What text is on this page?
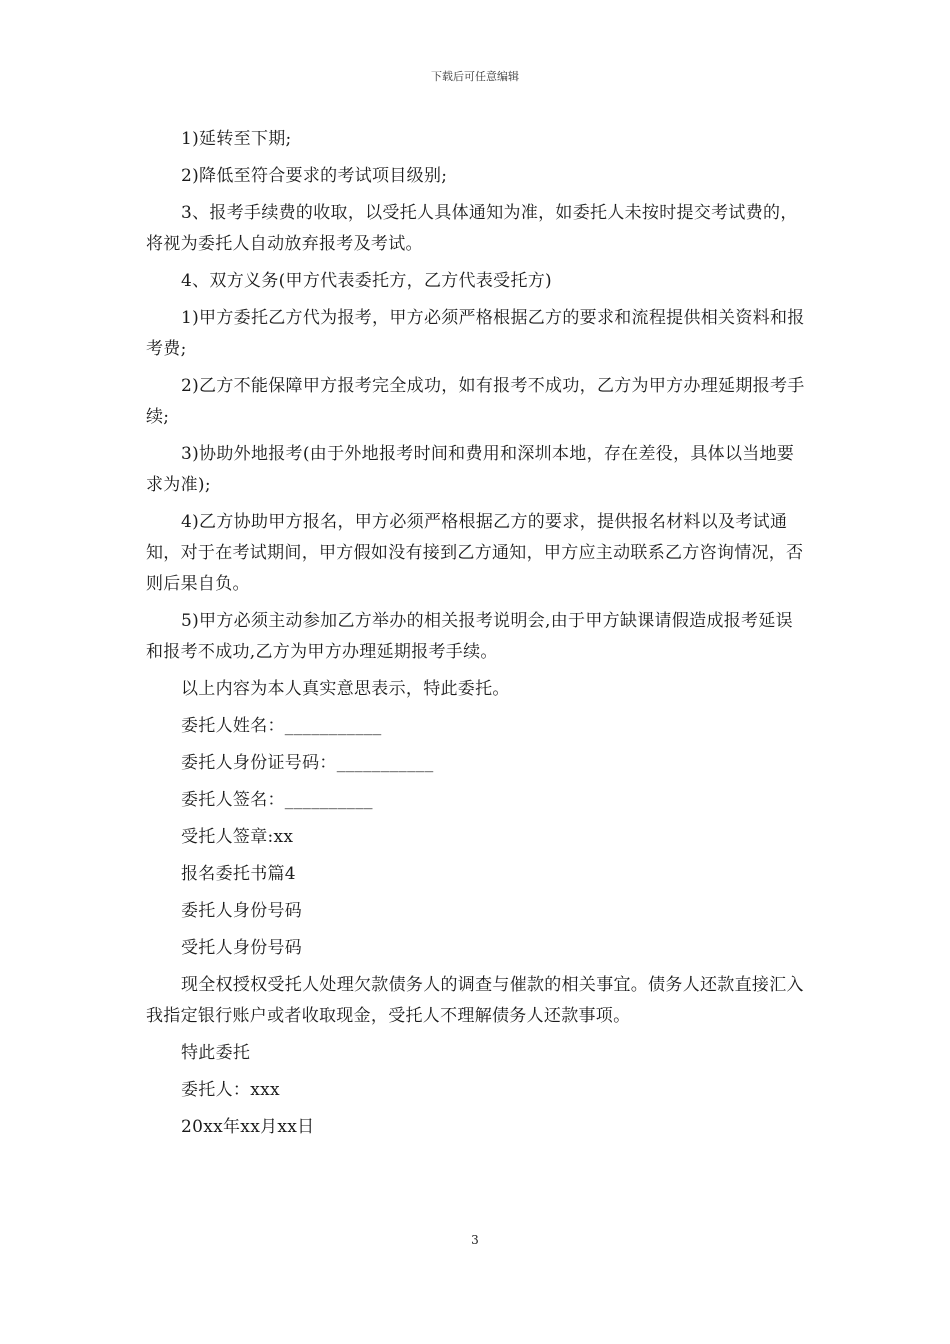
下载后可任意编辑

1)延转至下期;

2)降低至符合要求的考试项目级别;

3、报考手续费的收取，以受托人具体通知为准，如委托人未按时提交考试费的，将视为委托人自动放弃报考及考试。

4、双方义务(甲方代表委托方，乙方代表受托方)

1)甲方委托乙方代为报考，甲方必须严格根据乙方的要求和流程提供相关资料和报考费;

2)乙方不能保障甲方报考完全成功，如有报考不成功，乙方为甲方办理延期报考手续;

3)协助外地报考(由于外地报考时间和费用和深圳本地，存在差役，具体以当地要求为准);

4)乙方协助甲方报名，甲方必须严格根据乙方的要求，提供报名材料以及考试通知，对于在考试期间，甲方假如没有接到乙方通知，甲方应主动联系乙方咨询情况，否则后果自负。

5)甲方必须主动参加乙方举办的相关报考说明会,由于甲方缺课请假造成报考延误和报考不成功,乙方为甲方办理延期报考手续。

以上内容为本人真实意思表示，特此委托。

委托人姓名：___________

委托人身份证号码：___________

委托人签名：__________

受托人签章:xx

报名委托书篇4

委托人身份号码

受托人身份号码

现全权授权受托人处理欠款债务人的调查与催款的相关事宜。债务人还款直接汇入我指定银行账户或者收取现金，受托人不理解债务人还款事项。

特此委托

委托人：xxx

20xx年xx月xx日

3
